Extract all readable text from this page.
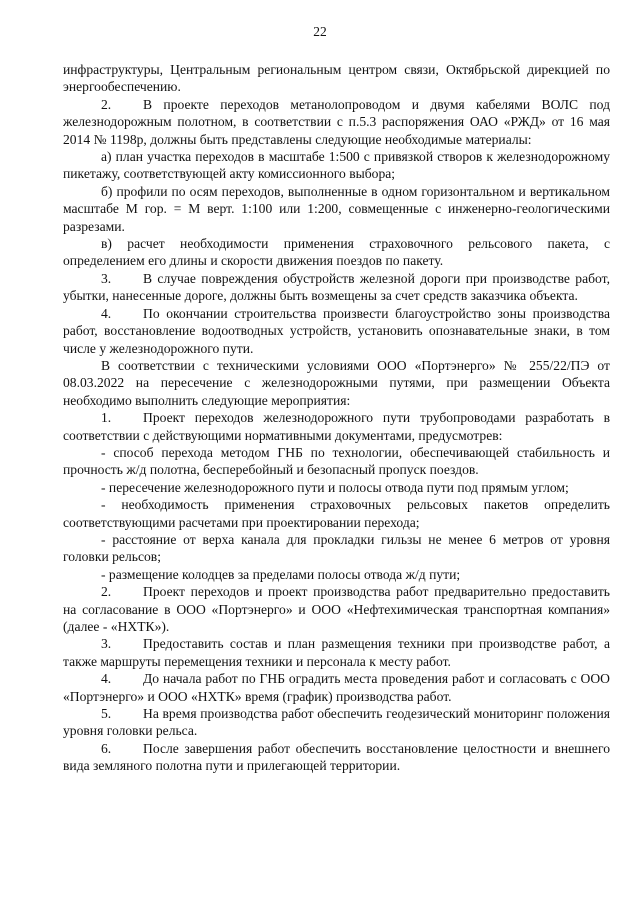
22

инфраструктуры, Центральным региональным центром связи, Октябрьской дирекцией по энергообеспечению.

2. В проекте переходов метанолопроводом и двумя кабелями ВОЛС под железнодорожным полотном, в соответствии с п.5.3 распоряжения ОАО «РЖД» от 16 мая 2014 № 1198р, должны быть представлены следующие необходимые материалы:

а) план участка переходов в масштабе 1:500 с привязкой створов к железнодорожному пикетажу, соответствующей акту комиссионного выбора;

б) профили по осям переходов, выполненные в одном горизонтальном и вертикальном масштабе М гор. = М верт. 1:100 или 1:200, совмещенные с инженерно-геологическими разрезами.

в) расчет необходимости применения страховочного рельсового пакета, с определением его длины и скорости движения поездов по пакету.

3. В случае повреждения обустройств железной дороги при производстве работ, убытки, нанесенные дороге, должны быть возмещены за счет средств заказчика объекта.

4. По окончании строительства произвести благоустройство зоны производства работ, восстановление водоотводных устройств, установить опознавательные знаки, в том числе у железнодорожного пути.

В соответствии с техническими условиями ООО «Портэнерго» № 255/22/ПЭ от 08.03.2022 на пересечение с железнодорожными путями, при размещении Объекта необходимо выполнить следующие мероприятия:

1. Проект переходов железнодорожного пути трубопроводами разработать в соответствии с действующими нормативными документами, предусмотрев:

- способ перехода методом ГНБ по технологии, обеспечивающей стабильность и прочность ж/д полотна, бесперебойный и безопасный пропуск поездов.

- пересечение железнодорожного пути и полосы отвода пути под прямым углом;

- необходимость применения страховочных рельсовых пакетов определить соответствующими расчетами при проектировании перехода;

- расстояние от верха канала для прокладки гильзы не менее 6 метров от уровня головки рельсов;

- размещение колодцев за пределами полосы отвода ж/д пути;

2. Проект переходов и проект производства работ предварительно предоставить на согласование в ООО «Портэнерго» и ООО «Нефтехимическая транспортная компания» (далее - «НХТК»).

3. Предоставить состав и план размещения техники при производстве работ, а также маршруты перемещения техники и персонала к месту работ.

4. До начала работ по ГНБ оградить места проведения работ и согласовать с ООО «Портэнерго» и ООО «НХТК» время (график) производства работ.

5. На время производства работ обеспечить геодезический мониторинг положения уровня головки рельса.

6. После завершения работ обеспечить восстановление целостности и внешнего вида земляного полотна пути и прилегающей территории.
